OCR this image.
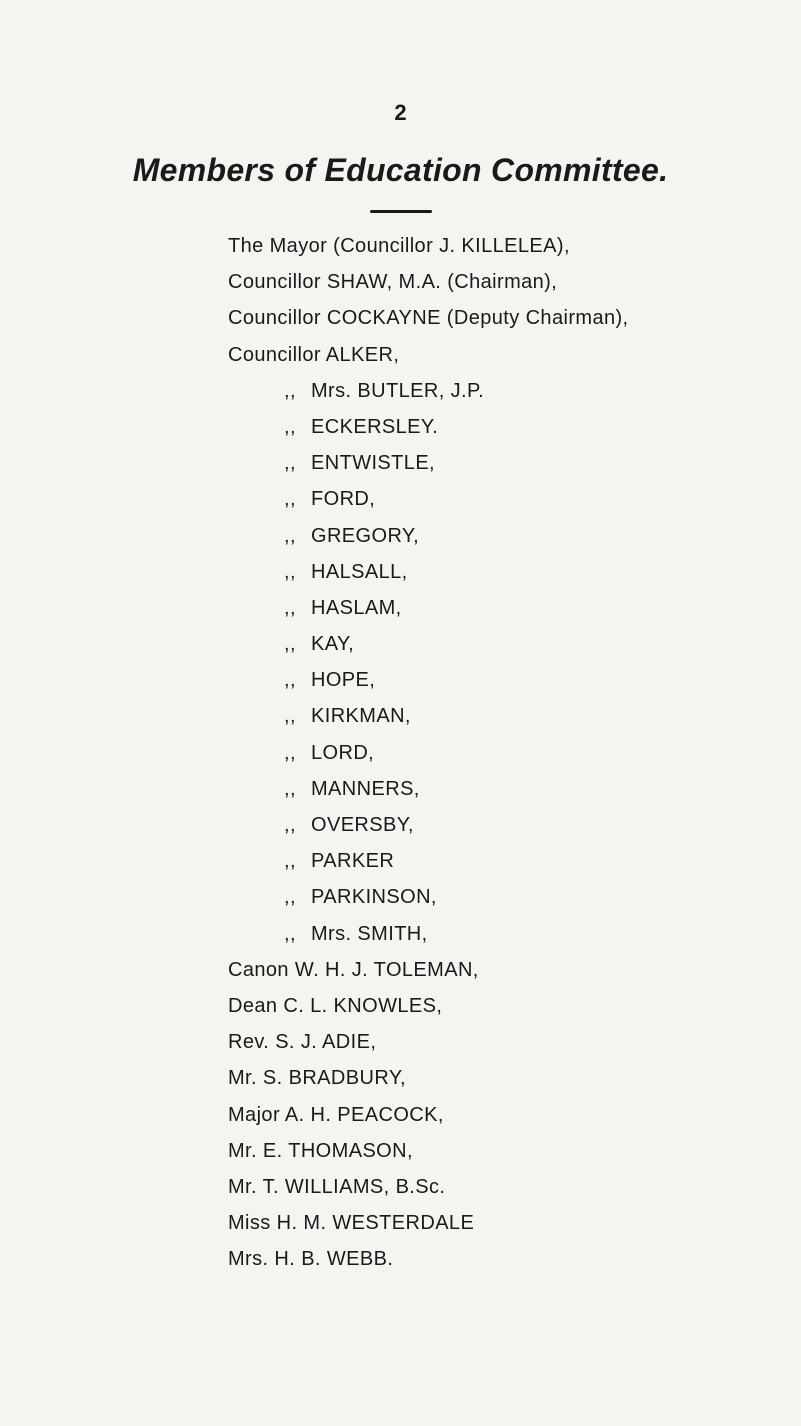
2
Members of Education Committee.
The Mayor (Councillor J. KILLELEA),
Councillor SHAW, M.A. (Chairman),
Councillor COCKAYNE (Deputy Chairman),
Councillor ALKER,
,, Mrs. BUTLER, J.P.
,, ECKERSLEY.
,, ENTWISTLE,
,, FORD,
,, GREGORY,
,, HALSALL,
,, HASLAM,
,, KAY,
,, HOPE,
,, KIRKMAN,
,, LORD,
,, MANNERS,
,, OVERSBY,
,, PARKER
,, PARKINSON,
,, Mrs. SMITH,
Canon W. H. J. TOLEMAN,
Dean C. L. KNOWLES,
Rev. S. J. ADIE,
Mr. S. BRADBURY,
Major A. H. PEACOCK,
Mr. E. THOMASON,
Mr. T. WILLIAMS, B.Sc.
Miss H. M. WESTERDALE
Mrs. H. B. WEBB.
